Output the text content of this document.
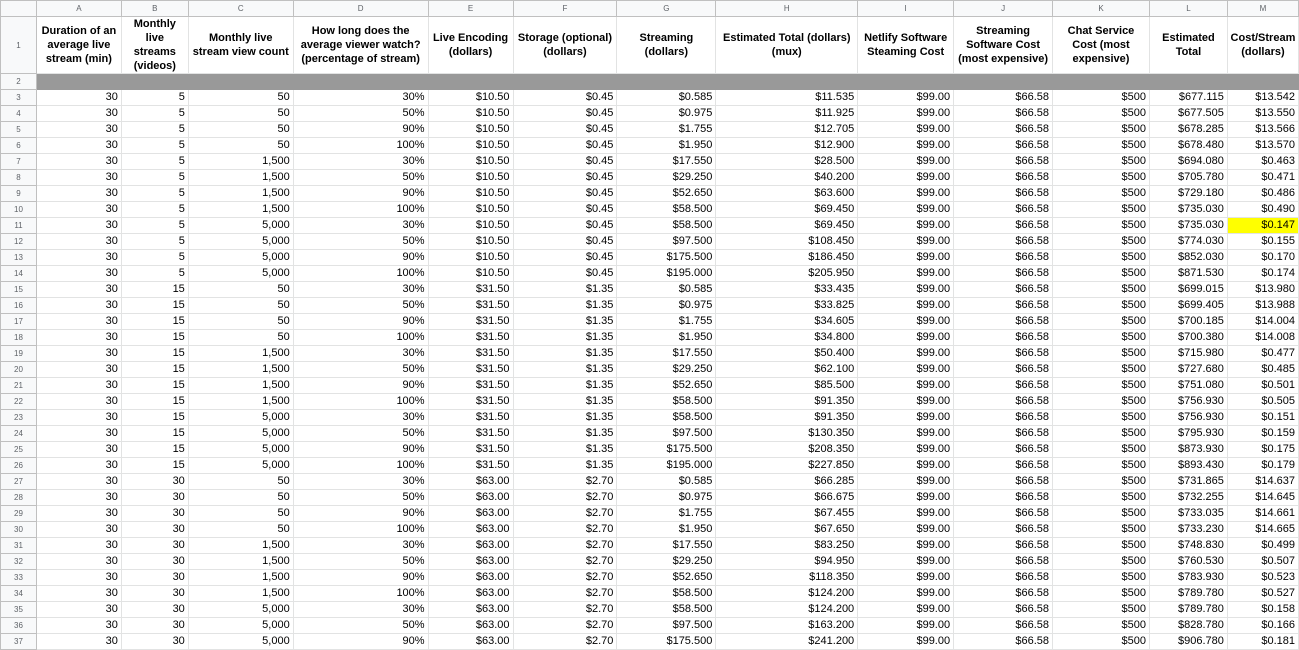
	A	B	C	D	E	F	G	H	I	J	K	L	M
1	Duration of an average live stream (min)	Monthly live streams (videos)	Monthly live stream view count	How long does the average viewer watch? (percentage of stream)	Live Encoding (dollars)	Storage (optional) (dollars)	Streaming (dollars)	Estimated Total (dollars) (mux)	Netlify Software Steaming Cost	Streaming Software Cost (most expensive)	Chat Service Cost (most expensive)	Estimated Total	Cost/Stream (dollars)
2													
3	30	5	50	30%	$10.50	$0.45	$0.585	$11.535	$99.00	$66.58	$500	$677.115	$13.542
4	30	5	50	50%	$10.50	$0.45	$0.975	$11.925	$99.00	$66.58	$500	$677.505	$13.550
5	30	5	50	90%	$10.50	$0.45	$1.755	$12.705	$99.00	$66.58	$500	$678.285	$13.566
6	30	5	50	100%	$10.50	$0.45	$1.950	$12.900	$99.00	$66.58	$500	$678.480	$13.570
7	30	5	1,500	30%	$10.50	$0.45	$17.550	$28.500	$99.00	$66.58	$500	$694.080	$0.463
8	30	5	1,500	50%	$10.50	$0.45	$29.250	$40.200	$99.00	$66.58	$500	$705.780	$0.471
9	30	5	1,500	90%	$10.50	$0.45	$52.650	$63.600	$99.00	$66.58	$500	$729.180	$0.486
10	30	5	1,500	100%	$10.50	$0.45	$58.500	$69.450	$99.00	$66.58	$500	$735.030	$0.490
11	30	5	5,000	30%	$10.50	$0.45	$58.500	$69.450	$99.00	$66.58	$500	$735.030	$0.147
12	30	5	5,000	50%	$10.50	$0.45	$97.500	$108.450	$99.00	$66.58	$500	$774.030	$0.155
13	30	5	5,000	90%	$10.50	$0.45	$175.500	$186.450	$99.00	$66.58	$500	$852.030	$0.170
14	30	5	5,000	100%	$10.50	$0.45	$195.000	$205.950	$99.00	$66.58	$500	$871.530	$0.174
15	30	15	50	30%	$31.50	$1.35	$0.585	$33.435	$99.00	$66.58	$500	$699.015	$13.980
16	30	15	50	50%	$31.50	$1.35	$0.975	$33.825	$99.00	$66.58	$500	$699.405	$13.988
17	30	15	50	90%	$31.50	$1.35	$1.755	$34.605	$99.00	$66.58	$500	$700.185	$14.004
18	30	15	50	100%	$31.50	$1.35	$1.950	$34.800	$99.00	$66.58	$500	$700.380	$14.008
19	30	15	1,500	30%	$31.50	$1.35	$17.550	$50.400	$99.00	$66.58	$500	$715.980	$0.477
20	30	15	1,500	50%	$31.50	$1.35	$29.250	$62.100	$99.00	$66.58	$500	$727.680	$0.485
21	30	15	1,500	90%	$31.50	$1.35	$52.650	$85.500	$99.00	$66.58	$500	$751.080	$0.501
22	30	15	1,500	100%	$31.50	$1.35	$58.500	$91.350	$99.00	$66.58	$500	$756.930	$0.505
23	30	15	5,000	30%	$31.50	$1.35	$58.500	$91.350	$99.00	$66.58	$500	$756.930	$0.151
24	30	15	5,000	50%	$31.50	$1.35	$97.500	$130.350	$99.00	$66.58	$500	$795.930	$0.159
25	30	15	5,000	90%	$31.50	$1.35	$175.500	$208.350	$99.00	$66.58	$500	$873.930	$0.175
26	30	15	5,000	100%	$31.50	$1.35	$195.000	$227.850	$99.00	$66.58	$500	$893.430	$0.179
27	30	30	50	30%	$63.00	$2.70	$0.585	$66.285	$99.00	$66.58	$500	$731.865	$14.637
28	30	30	50	50%	$63.00	$2.70	$0.975	$66.675	$99.00	$66.58	$500	$732.255	$14.645
29	30	30	50	90%	$63.00	$2.70	$1.755	$67.455	$99.00	$66.58	$500	$733.035	$14.661
30	30	30	50	100%	$63.00	$2.70	$1.950	$67.650	$99.00	$66.58	$500	$733.230	$14.665
31	30	30	1,500	30%	$63.00	$2.70	$17.550	$83.250	$99.00	$66.58	$500	$748.830	$0.499
32	30	30	1,500	50%	$63.00	$2.70	$29.250	$94.950	$99.00	$66.58	$500	$760.530	$0.507
33	30	30	1,500	90%	$63.00	$2.70	$52.650	$118.350	$99.00	$66.58	$500	$783.930	$0.523
34	30	30	1,500	100%	$63.00	$2.70	$58.500	$124.200	$99.00	$66.58	$500	$789.780	$0.527
35	30	30	5,000	30%	$63.00	$2.70	$58.500	$124.200	$99.00	$66.58	$500	$789.780	$0.158
36	30	30	5,000	50%	$63.00	$2.70	$97.500	$163.200	$99.00	$66.58	$500	$828.780	$0.166
37	30	30	5,000	90%	$63.00	$2.70	$175.500	$241.200	$99.00	$66.58	$500	$906.780	$0.181
